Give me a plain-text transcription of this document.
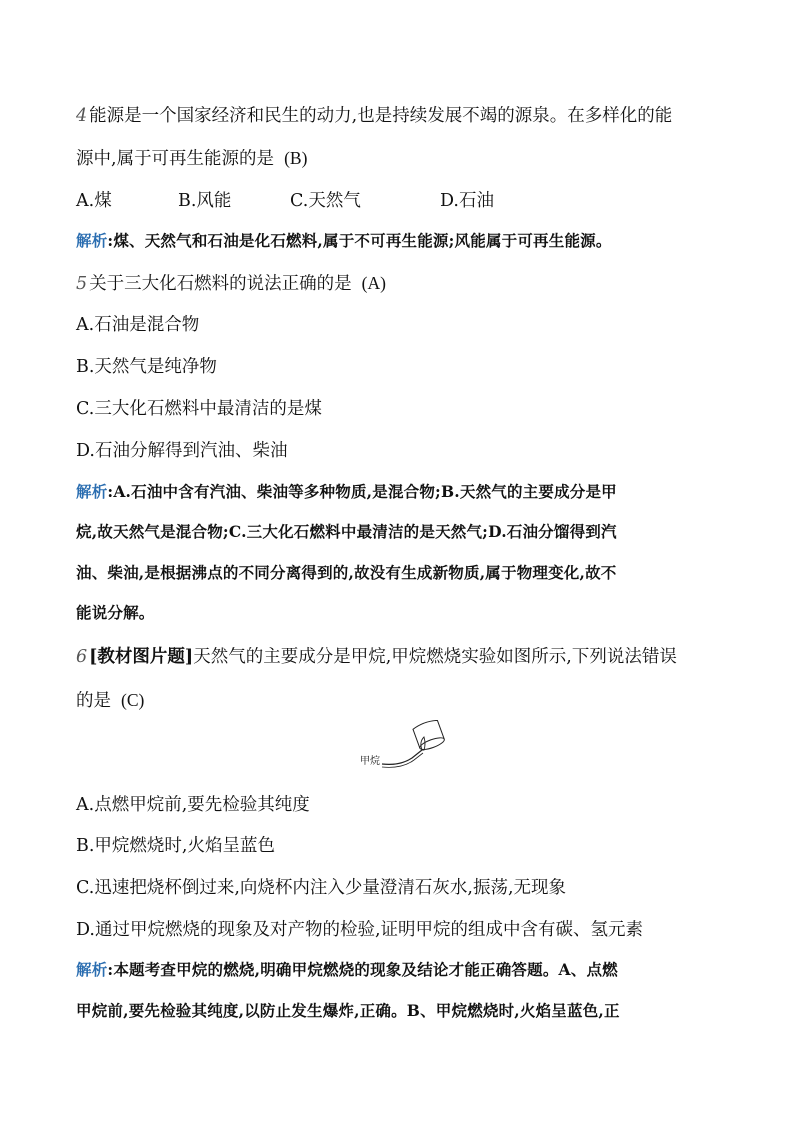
4 能源是一个国家经济和民生的动力,也是持续发展不竭的源泉。在多样化的能
源中,属于可再生能源的是 (B)
A.煤	B.风能	C.天然气	D.石油
解析:煤、天然气和石油是化石燃料,属于不可再生能源;风能属于可再生能源。
5 关于三大化石燃料的说法正确的是 (A)
A.石油是混合物
B.天然气是纯净物
C.三大化石燃料中最清洁的是煤
D.石油分解得到汽油、柴油
解析:A.石油中含有汽油、柴油等多种物质,是混合物;B.天然气的主要成分是甲
烷,故天然气是混合物;C.三大化石燃料中最清洁的是天然气;D.石油分馏得到汽
油、柴油,是根据沸点的不同分离得到的,故没有生成新物质,属于物理变化,故不
能说分解。
6 [教材图片题]天然气的主要成分是甲烷,甲烷燃烧实验如图所示,下列说法错误
的是 (C)
甲烷
A.点燃甲烷前,要先检验其纯度
B.甲烷燃烧时,火焰呈蓝色
C.迅速把烧杯倒过来,向烧杯内注入少量澄清石灰水,振荡,无现象
D.通过甲烷燃烧的现象及对产物的检验,证明甲烷的组成中含有碳、氢元素
解析:本题考查甲烷的燃烧,明确甲烷燃烧的现象及结论才能正确答题。A、点燃
甲烷前,要先检验其纯度,以防止发生爆炸,正确。B、甲烷燃烧时,火焰呈蓝色,正
